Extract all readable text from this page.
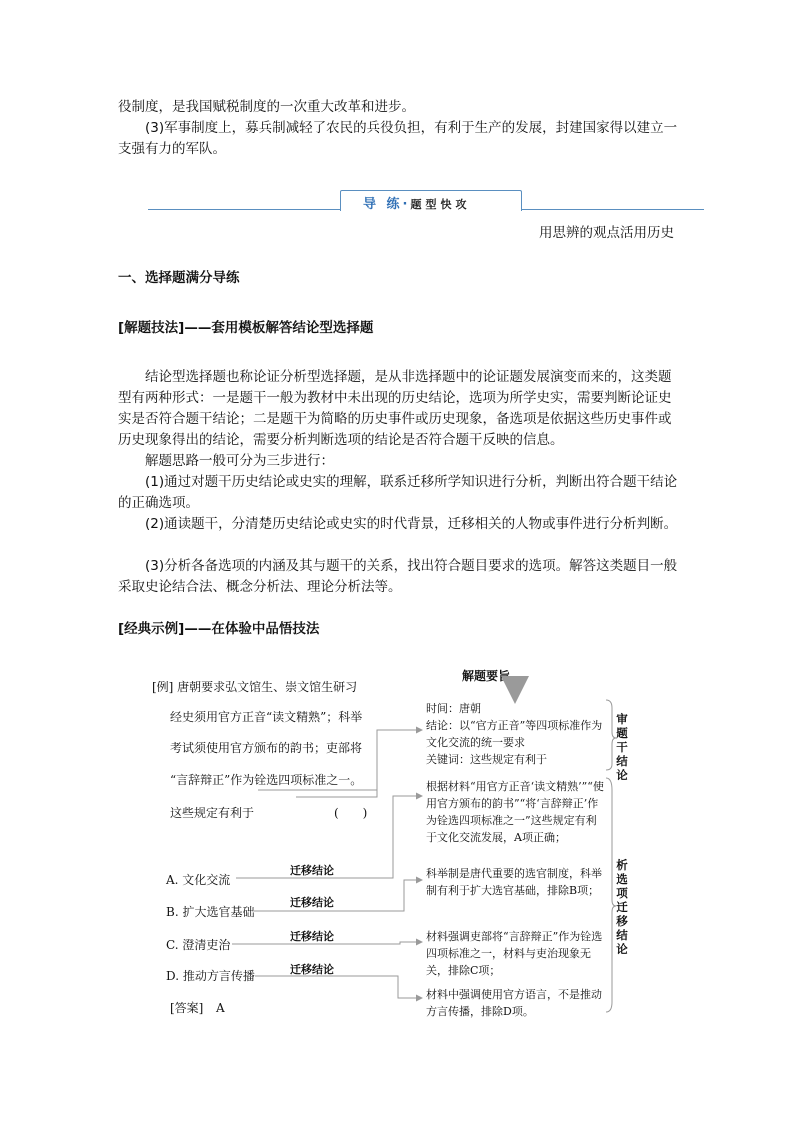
役制度，是我国赋税制度的一次重大改革和进步。

(3)军事制度上，募兵制减轻了农民的兵役负担，有利于生产的发展，封建国家得以建立一支强有力的军队。

导 练·题型快攻
用思辨的观点活用历史
一、选择题满分导练
[解题技法]——套用模板解答结论型选择题

结论型选择题也称论证分析型选择题，是从非选择题中的论证题发展演变而来的，这类题型有两种形式：一是题干一般为教材中未出现的历史结论，选项为所学史实，需要判断论证史实是否符合题干结论；二是题干为简略的历史事件或历史现象，备选项是依据这些历史事件或历史现象得出的结论，需要分析判断选项的结论是否符合题干反映的信息。

解题思路一般可分为三步进行：

(1)通过对题干历史结论或史实的理解，联系迁移所学知识进行分析，判断出符合题干结论的正确选项。

(2)通读题干，分清楚历史结论或史实的时代背景，迁移相关的人物或事件进行分析判断。

(3)分析各备选项的内涵及其与题干的关系，找出符合题目要求的选项。解答这类题目一般采取史论结合法、概念分析法、理论分析法等。

[经典示例]——在体验中品悟技法
解题要旨
[例] 唐朝要求弘文馆生、崇文馆生研习
经史须用官方正音“读文精熟”；科举
考试须使用官方颁布的韵书；吏部将
“言辞辩正”作为铨选四项标准之一。
这些规定有利于	(　　)
A. 文化交流
B. 扩大选官基础
C. 澄清吏治
D. 推动方言传播
迁移结论
迁移结论
迁移结论
迁移结论
[答案] A
时间：唐朝
结论：以“官方正音”等四项标准作为文化交流的统一要求
关键词：这些规定有利于
审题干结论
根据材料“用官方正音‘读文精熟’”“使用官方颁布的韵书”“将‘言辞辩正’作为铨选四项标准之一”这些规定有利于文化交流发展，A项正确；
科举制是唐代重要的选官制度，科举制有利于扩大选官基础，排除B项；
材料强调吏部将“言辞辩正”作为铨选四项标准之一，材料与吏治现象无关，排除C项；
材料中强调使用官方语言，不是推动方言传播，排除D项。
析选项迁移结论
